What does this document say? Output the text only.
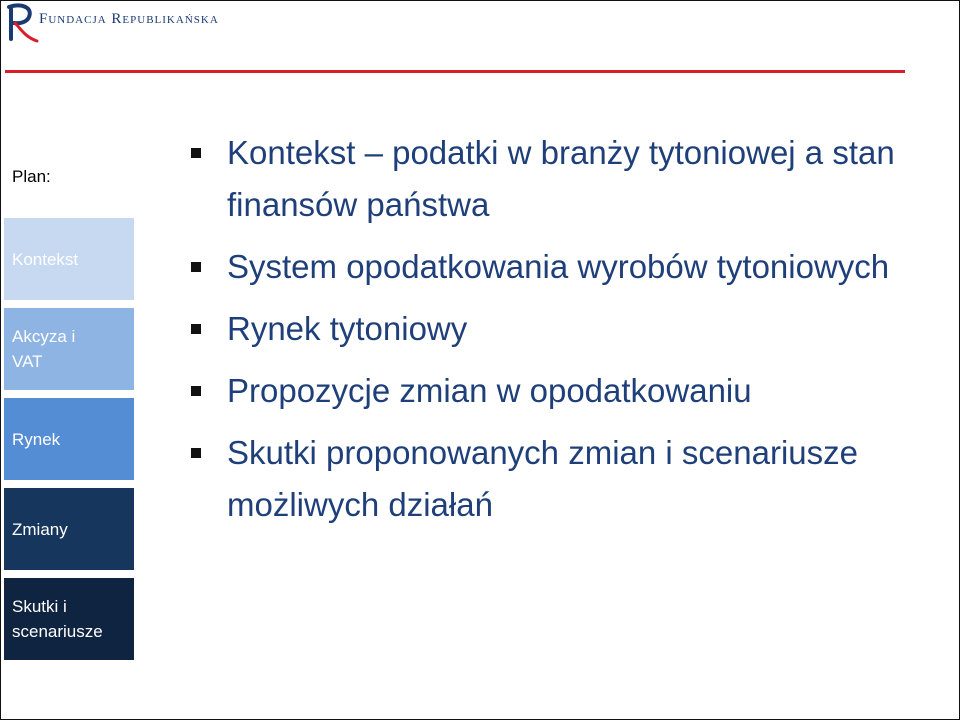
Fundacja Republikańska
Plan:
Kontekst
Akcyza i VAT
Rynek
Zmiany
Skutki i scenariusze
Kontekst – podatki w branży tytoniowej a stan finansów państwa
System opodatkowania wyrobów tytoniowych
Rynek tytoniowy
Propozycje zmian w opodatkowaniu
Skutki proponowanych zmian i scenariusze możliwych działań
